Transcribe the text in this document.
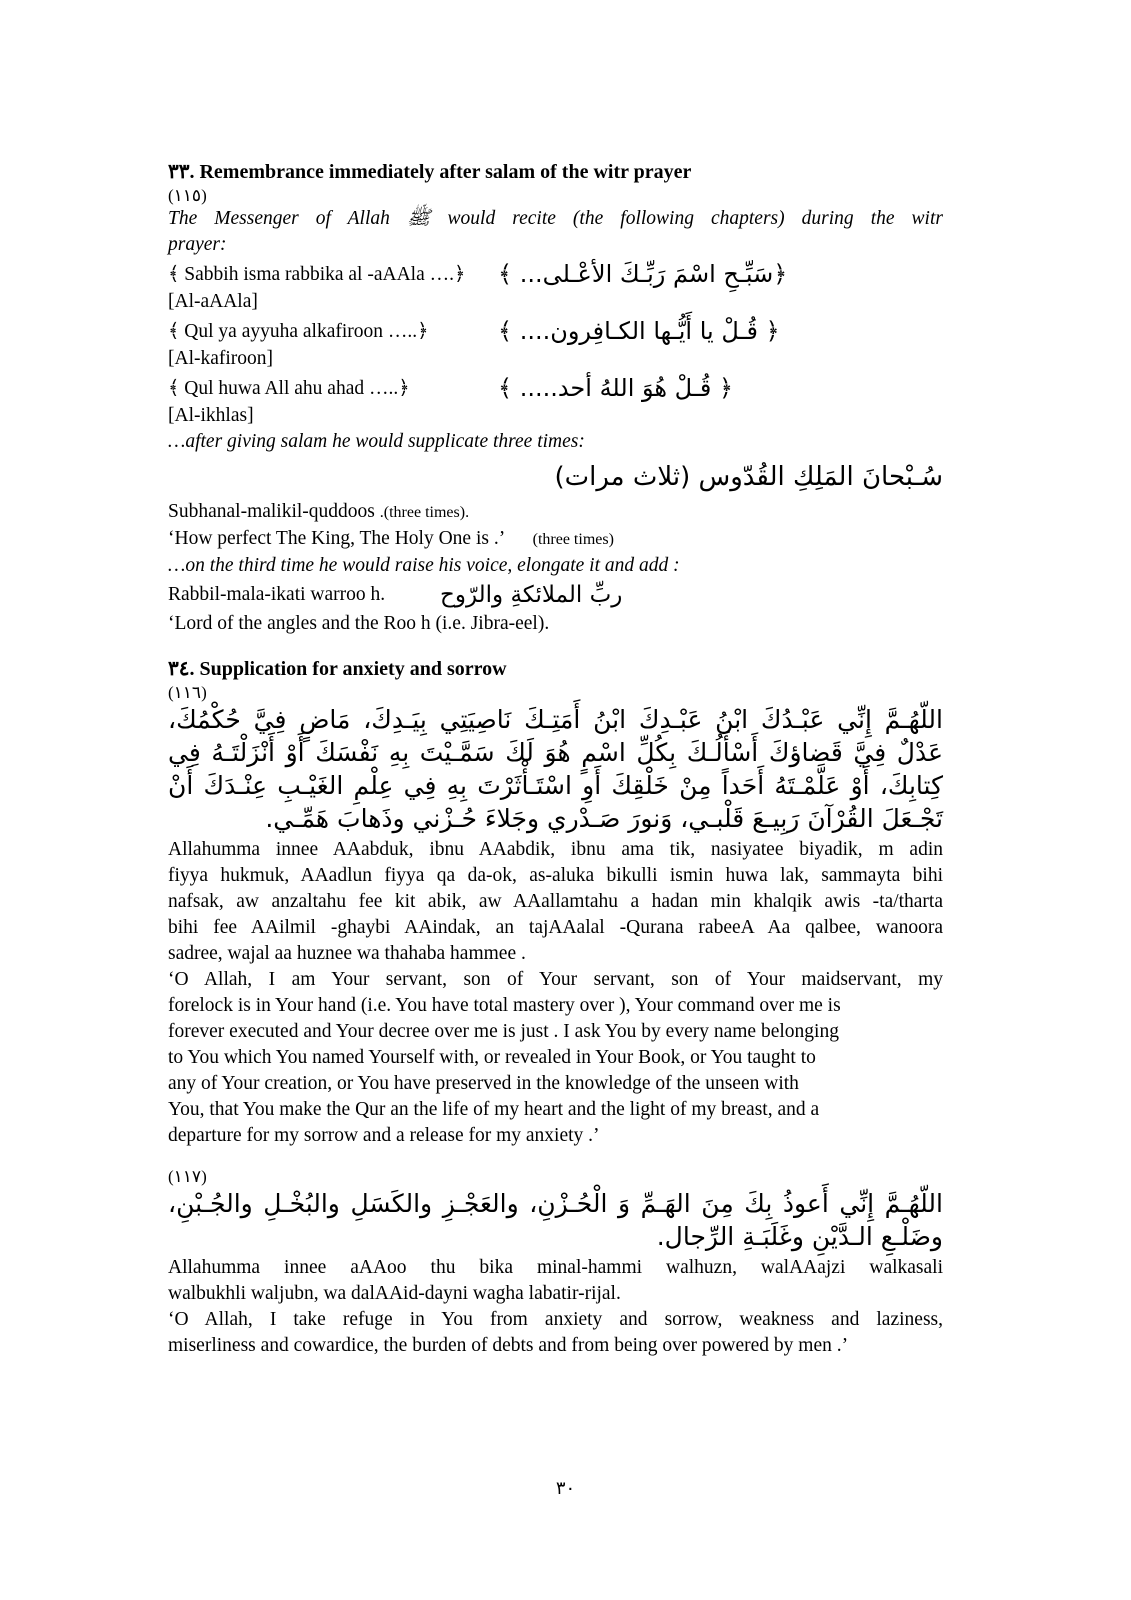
٣٣. Remembrance immediately after salam of the witr prayer
(١١٥)
The Messenger of Allah ﷺ would recite (the following chapters) during the witr
prayer:
﴾ Sabbih isma rabbika al -aAAla ….﴿	﴿سَبِّـحِ اسْمَ رَبِّـكَ الأعْـلى... ﴾
[Al-aAAla]
﴾ Qul ya ayyuha alkafiroon …..﴿	﴿ قُـلْ يا أَيُّـها الكـافِرون.... ﴾
[Al-kafiroon]
﴾ Qul huwa All ahu ahad …..﴿	﴿ قُـلْ هُوَ اللهُ أحد..... ﴾
[Al-ikhlas]
…after giving salam he would supplicate three times:
سُـبْحانَ المَلِكِ القُدّوس (ثلاث مرات)
Subhanal-malikil-quddoos .(three times).
‘How perfect The King, The Holy One is .’ (three times)
…on the third time he would raise his voice, elongate it and add :
Rabbil-mala-ikati warroo h.	ربِّ الملائكةِ والرّوح
‘Lord of the angles and the Roo h (i.e. Jibra-eel).
٣٤. Supplication for anxiety and sorrow
(١١٦)
اللّهُـمَّ إِنِّي عَبْـدُكَ ابْنُ عَبْـدِكَ ابْنُ أَمَتِـكَ نَاصِيَتِي بِيَـدِكَ، مَاضٍ فِيَّ حُكْمُكَ، عَدْلٌ فِيَّ قَضاؤكَ أَسْأَلُـكَ بِكُلِّ اسْمٍ هُوَ لَكَ سَمَّـيْتَ بِهِ نَفْسَكَ أَوْ أَنْزَلْتَـهُ فِي كِتابِكَ، أَوْ عَلَّمْـتَهُ أَحَداً مِنْ خَلْقِكَ أَوِ اسْتَـأْثَرْتَ بِهِ فِي عِلْمِ الغَيْـبِ عِنْـدَكَ أَنْ تَجْـعَلَ القُرْآنَ رَبِيـعَ قَلْبـي، وَنورَ صَـدْري وجَلاءَ حُـزْني وذَهابَ هَمِّـي.
Allahumma innee AAabduk, ibnu AAabdik, ibnu ama tik, nasiyatee biyadik, m adin
fiyya hukmuk, AAadlun fiyya qa da-ok, as-aluka bikulli ismin huwa lak, sammayta bihi
nafsak, aw anzaltahu fee kit abik, aw AAallamtahu a hadan min khalqik awis -ta/tharta
bihi fee AAilmil -ghaybi AAindak, an tajAAalal -Qurana rabeeA Aa qalbee, wanoora
sadree, wajal aa huznee wa thahaba hammee .
‘O Allah, I am Your servant, son of Your servant, son of Your maidservant, my
forelock is in Your hand (i.e. You have total mastery over ), Your command over me is
forever executed and Your decree over me is just . I ask You by every name belonging
to You which You named Yourself with, or revealed in Your Book, or You taught to
any of Your creation, or You have preserved in the knowledge of the unseen with
You, that You make the Qur an the life of my heart and the light of my breast, and a
departure for my sorrow and a release for my anxiety .’
(١١٧)
اللّهُـمَّ إِنِّي أَعوذُ بِكَ مِنَ الهَـمِّ وَ الْحُـزْنِ، والعَجْـزِ والكَسَلِ والبُخْـلِ والجُـبْنِ، وضَلْـعِ الـدَّيْنِ وغَلَبَـةِ الرِّجال.
Allahumma innee aAAoo thu bika minal-hammi walhuzn, walAAajzi walkasali
walbukhli waljubn, wa dalAAid-dayni wagha labatir-rijal.
‘O Allah, I take refuge in You from anxiety and sorrow, weakness and laziness,
miserliness and cowardice, the burden of debts and from being over powered by men .’
٣٠
